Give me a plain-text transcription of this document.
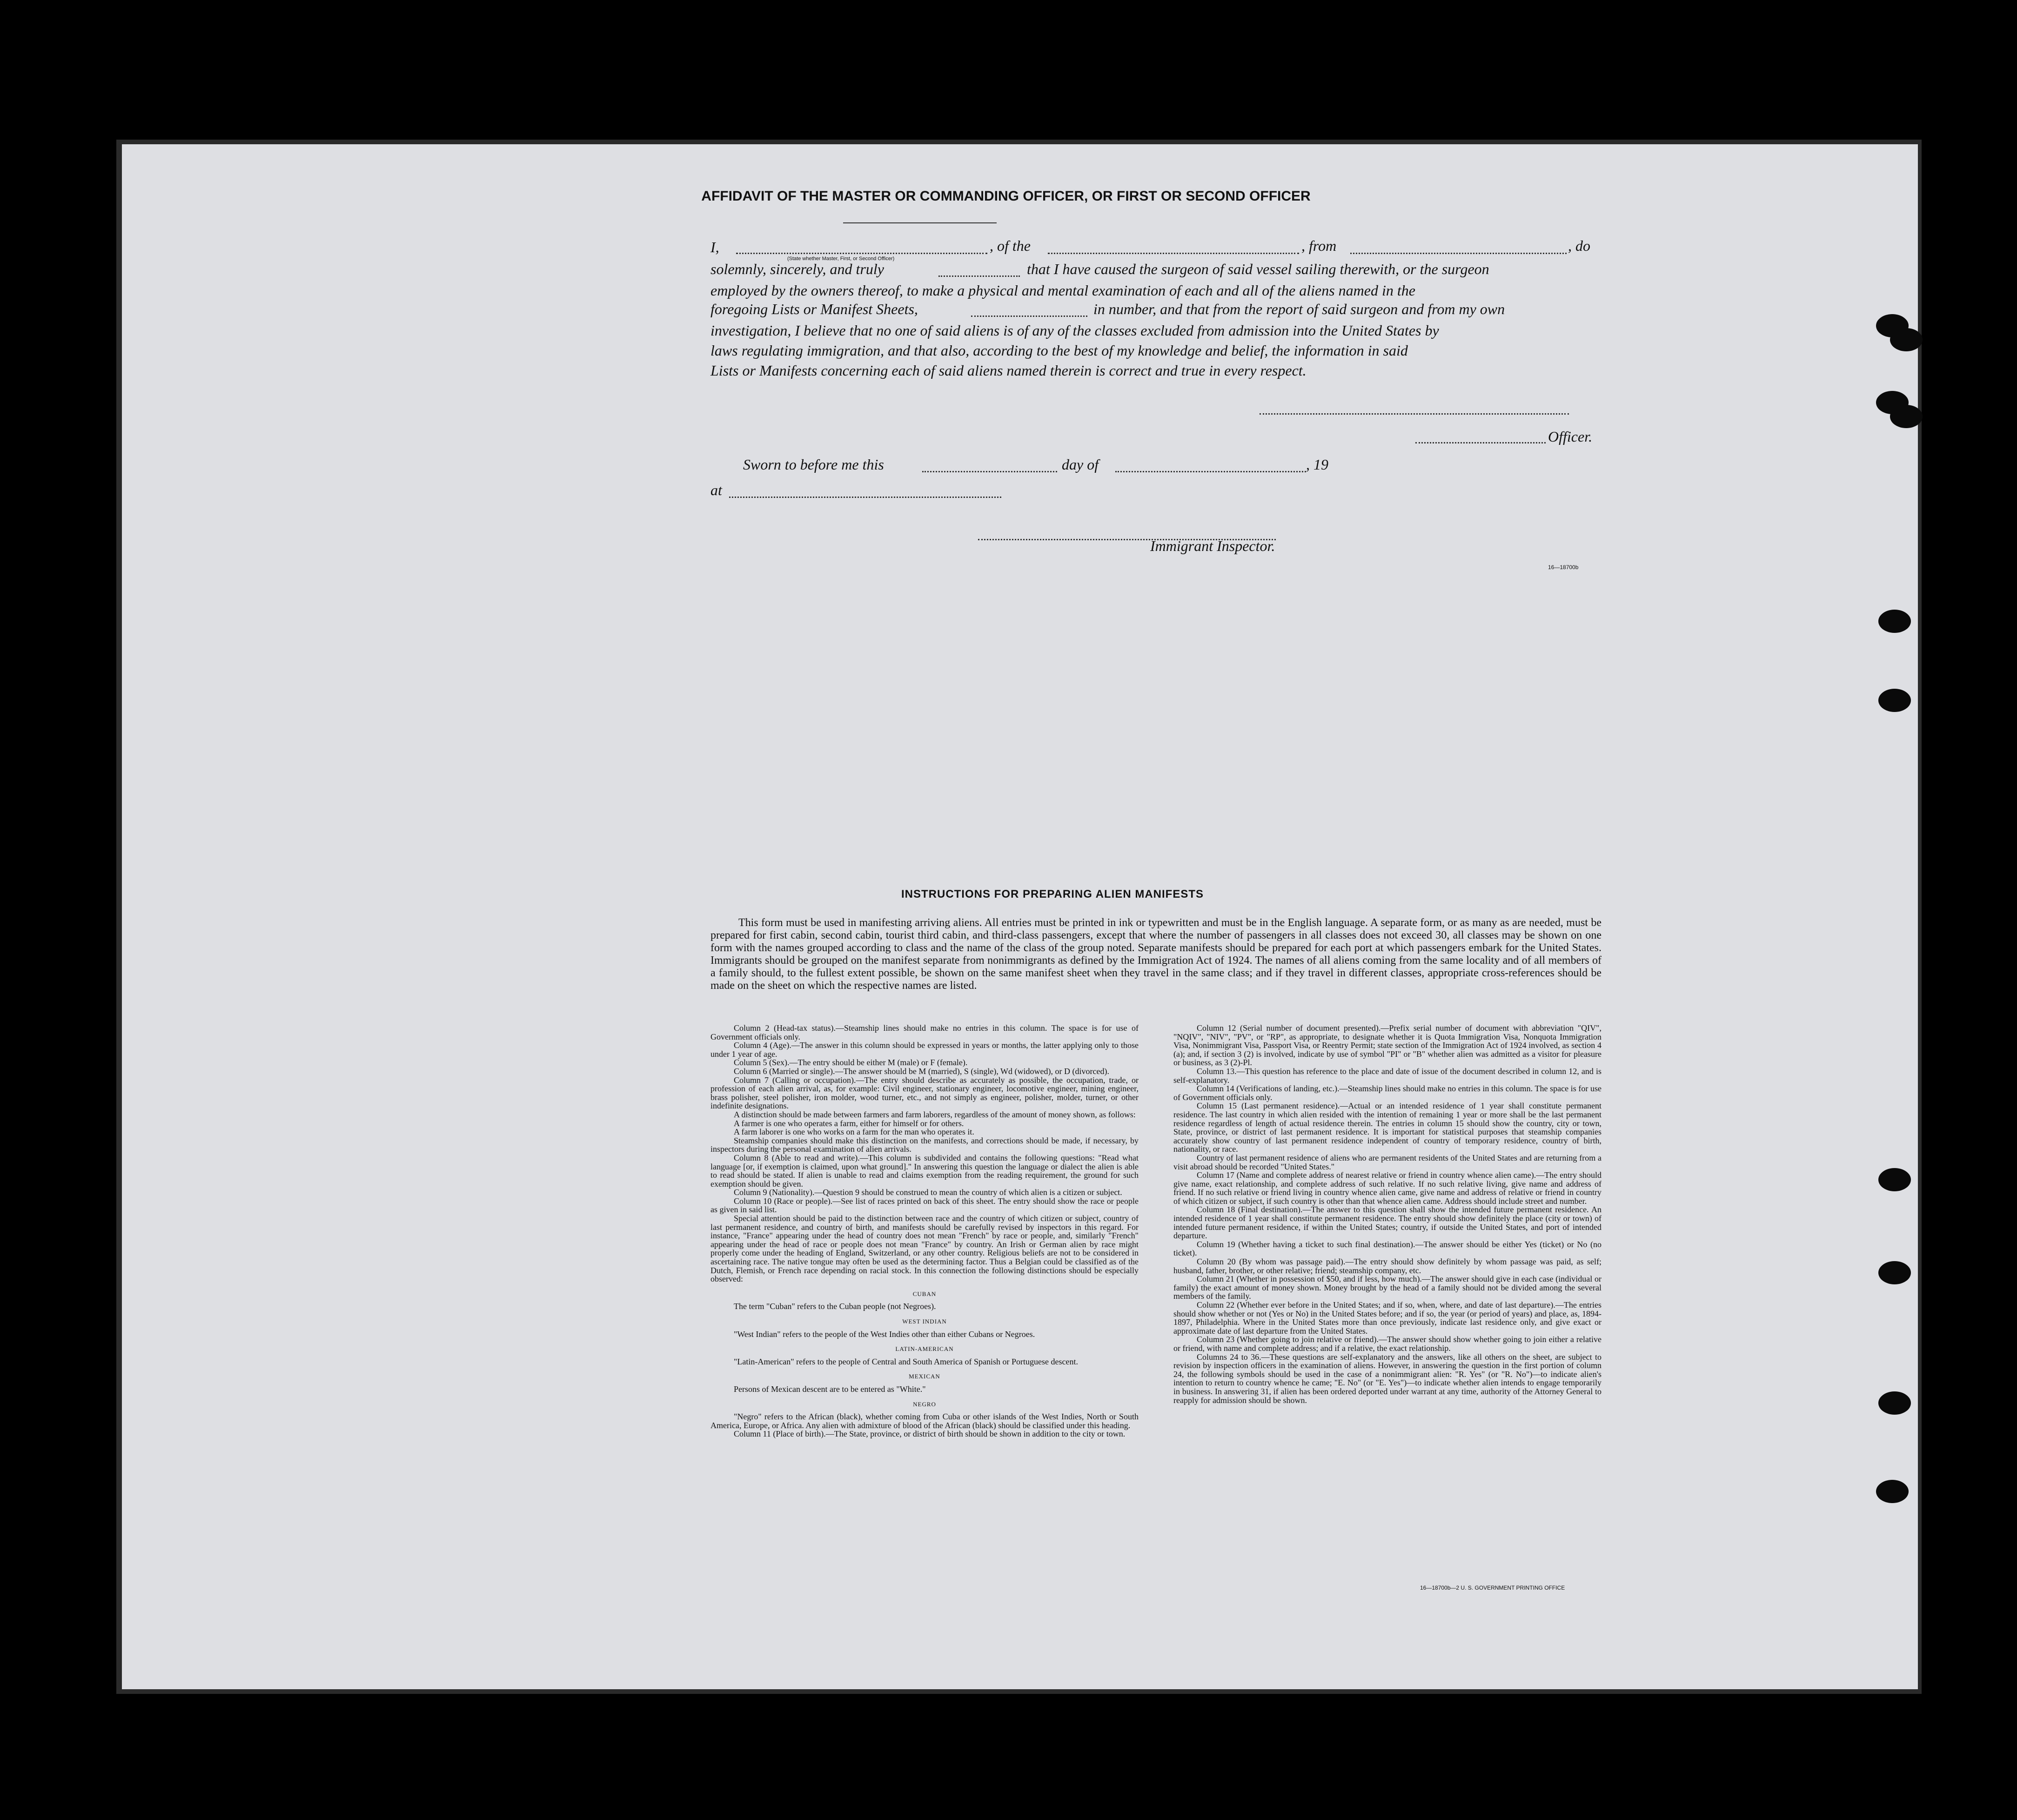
AFFIDAVIT OF THE MASTER OR COMMANDING OFFICER, OR FIRST OR SECOND OFFICER
I,	, of the	, from	, do
(State whether Master, First, or Second Officer)
solemnly, sincerely, and truly	that I have caused the surgeon of said vessel sailing therewith, or the surgeon
employed by the owners thereof, to make a physical and mental examination of each and all of the aliens named in the
foregoing Lists or Manifest Sheets,	in number, and that from the report of said surgeon and from my own
investigation, I believe that no one of said aliens is of any of the classes excluded from admission into the United States by
laws regulating immigration, and that also, according to the best of my knowledge and belief, the information in said
Lists or Manifests concerning each of said aliens named therein is correct and true in every respect.
Officer.
Sworn to before me this	day of	, 19
at
Immigrant Inspector.
16—18700b
INSTRUCTIONS FOR PREPARING ALIEN MANIFESTS
This form must be used in manifesting arriving aliens. All entries must be printed in ink or typewritten and must be in the English language. A separate form, or as many as are needed, must be prepared for first cabin, second cabin, tourist third cabin, and third-class passengers, except that where the number of passengers in all classes does not exceed 30, all classes may be shown on one form with the names grouped according to class and the name of the class of the group noted. Separate manifests should be prepared for each port at which passengers embark for the United States. Immigrants should be grouped on the manifest separate from nonimmigrants as defined by the Immigration Act of 1924. The names of all aliens coming from the same locality and of all members of a family should, to the fullest extent possible, be shown on the same manifest sheet when they travel in the same class; and if they travel in different classes, appropriate cross-references should be made on the sheet on which the respective names are listed.

Column 2 (Head-tax status).—Steamship lines should make no entries in this column. The space is for use of Government officials only.

Column 4 (Age).—The answer in this column should be expressed in years or months, the latter applying only to those under 1 year of age.

Column 5 (Sex).—The entry should be either M (male) or F (female).

Column 6 (Married or single).—The answer should be M (married), S (single), Wd (widowed), or D (divorced).

Column 7 (Calling or occupation).—The entry should describe as accurately as possible, the occupation, trade, or profession of each alien arrival, as, for example: Civil engineer, stationary engineer, locomotive engineer, mining engineer, brass polisher, steel polisher, iron molder, wood turner, etc., and not simply as engineer, polisher, molder, turner, or other indefinite designations.

A distinction should be made between farmers and farm laborers, regardless of the amount of money shown, as follows:

A farmer is one who operates a farm, either for himself or for others.

A farm laborer is one who works on a farm for the man who operates it.

Steamship companies should make this distinction on the manifests, and corrections should be made, if necessary, by inspectors during the personal examination of alien arrivals.

Column 8 (Able to read and write).—This column is subdivided and contains the following questions: "Read what language [or, if exemption is claimed, upon what ground]." In answering this question the language or dialect the alien is able to read should be stated. If alien is unable to read and claims exemption from the reading requirement, the ground for such exemption should be given.

Column 9 (Nationality).—Question 9 should be construed to mean the country of which alien is a citizen or subject.

Column 10 (Race or people).—See list of races printed on back of this sheet. The entry should show the race or people as given in said list.

Special attention should be paid to the distinction between race and the country of which citizen or subject, country of last permanent residence, and country of birth, and manifests should be carefully revised by inspectors in this regard. For instance, "France" appearing under the head of country does not mean "French" by race or people, and, similarly "French" appearing under the head of race or people does not mean "France" by country. An Irish or German alien by race might properly come under the heading of England, Switzerland, or any other country. Religious beliefs are not to be considered in ascertaining race. The native tongue may often be used as the determining factor. Thus a Belgian could be classified as of the Dutch, Flemish, or French race depending on racial stock. In this connection the following distinctions should be especially observed:

CUBAN

The term "Cuban" refers to the Cuban people (not Negroes).

WEST INDIAN

"West Indian" refers to the people of the West Indies other than either Cubans or Negroes.

LATIN-AMERICAN

"Latin-American" refers to the people of Central and South America of Spanish or Portuguese descent.

MEXICAN

Persons of Mexican descent are to be entered as "White."

NEGRO

"Negro" refers to the African (black), whether coming from Cuba or other islands of the West Indies, North or South America, Europe, or Africa. Any alien with admixture of blood of the African (black) should be classified under this heading.

Column 11 (Place of birth).—The State, province, or district of birth should be shown in addition to the city or town.

Column 12 (Serial number of document presented).—Prefix serial number of document with abbreviation "QIV", "NQIV", "NIV", "PV", or "RP", as appropriate, to designate whether it is Quota Immigration Visa, Nonquota Immigration Visa, Nonimmigrant Visa, Passport Visa, or Reentry Permit; state section of the Immigration Act of 1924 involved, as section 4 (a); and, if section 3 (2) is involved, indicate by use of symbol "PI" or "B" whether alien was admitted as a visitor for pleasure or business, as 3 (2)-Pl.

Column 13.—This question has reference to the place and date of issue of the document described in column 12, and is self-explanatory.

Column 14 (Verifications of landing, etc.).—Steamship lines should make no entries in this column. The space is for use of Government officials only.

Column 15 (Last permanent residence).—Actual or an intended residence of 1 year shall constitute permanent residence. The last country in which alien resided with the intention of remaining 1 year or more shall be the last permanent residence regardless of length of actual residence therein. The entries in column 15 should show the country, city or town, State, province, or district of last permanent residence. It is important for statistical purposes that steamship companies accurately show country of last permanent residence independent of country of temporary residence, country of birth, nationality, or race.

Country of last permanent residence of aliens who are permanent residents of the United States and are returning from a visit abroad should be recorded "United States."

Column 17 (Name and complete address of nearest relative or friend in country whence alien came).—The entry should give name, exact relationship, and complete address of such relative. If no such relative living, give name and address of friend. If no such relative or friend living in country whence alien came, give name and address of relative or friend in country of which citizen or subject, if such country is other than that whence alien came. Address should include street and number.

Column 18 (Final destination).—The answer to this question shall show the intended future permanent residence. An intended residence of 1 year shall constitute permanent residence. The entry should show definitely the place (city or town) of intended future permanent residence, if within the United States; country, if outside the United States, and port of intended departure.

Column 19 (Whether having a ticket to such final destination).—The answer should be either Yes (ticket) or No (no ticket).

Column 20 (By whom was passage paid).—The entry should show definitely by whom passage was paid, as self; husband, father, brother, or other relative; friend; steamship company, etc.

Column 21 (Whether in possession of $50, and if less, how much).—The answer should give in each case (individual or family) the exact amount of money shown. Money brought by the head of a family should not be divided among the several members of the family.

Column 22 (Whether ever before in the United States; and if so, when, where, and date of last departure).—The entries should show whether or not (Yes or No) in the United States before; and if so, the year (or period of years) and place, as, 1894-1897, Philadelphia. Where in the United States more than once previously, indicate last residence only, and give exact or approximate date of last departure from the United States.

Column 23 (Whether going to join relative or friend).—The answer should show whether going to join either a relative or friend, with name and complete address; and if a relative, the exact relationship.

Columns 24 to 36.—These questions are self-explanatory and the answers, like all others on the sheet, are subject to revision by inspection officers in the examination of aliens. However, in answering the question in the first portion of column 24, the following symbols should be used in the case of a nonimmigrant alien: "R. Yes" (or "R. No")—to indicate alien's intention to return to country whence he came; "E. No" (or "E. Yes")—to indicate whether alien intends to engage temporarily in business. In answering 31, if alien has been ordered deported under warrant at any time, authority of the Attorney General to reapply for admission should be shown.

16—18700b—2 U. S. GOVERNMENT PRINTING OFFICE
